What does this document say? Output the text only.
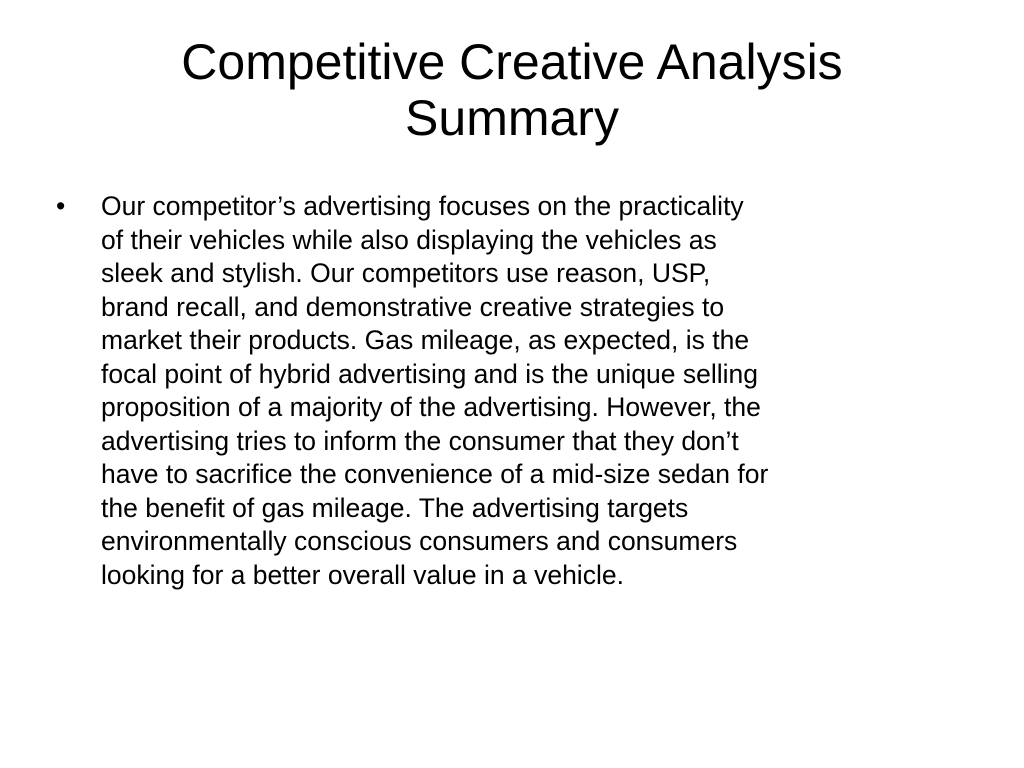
Competitive Creative Analysis
Summary
•	Our competitor’s advertising focuses on the practicality
of their vehicles while also displaying the vehicles as
sleek and stylish. Our competitors use reason, USP,
brand recall, and demonstrative creative strategies to
market their products. Gas mileage, as expected, is the
focal point of hybrid advertising and is the unique selling
proposition of a majority of the advertising. However, the
advertising tries to inform the consumer that they don’t
have to sacrifice the convenience of a mid-size sedan for
the benefit of gas mileage. The advertising targets
environmentally conscious consumers and consumers
looking for a better overall value in a vehicle.
